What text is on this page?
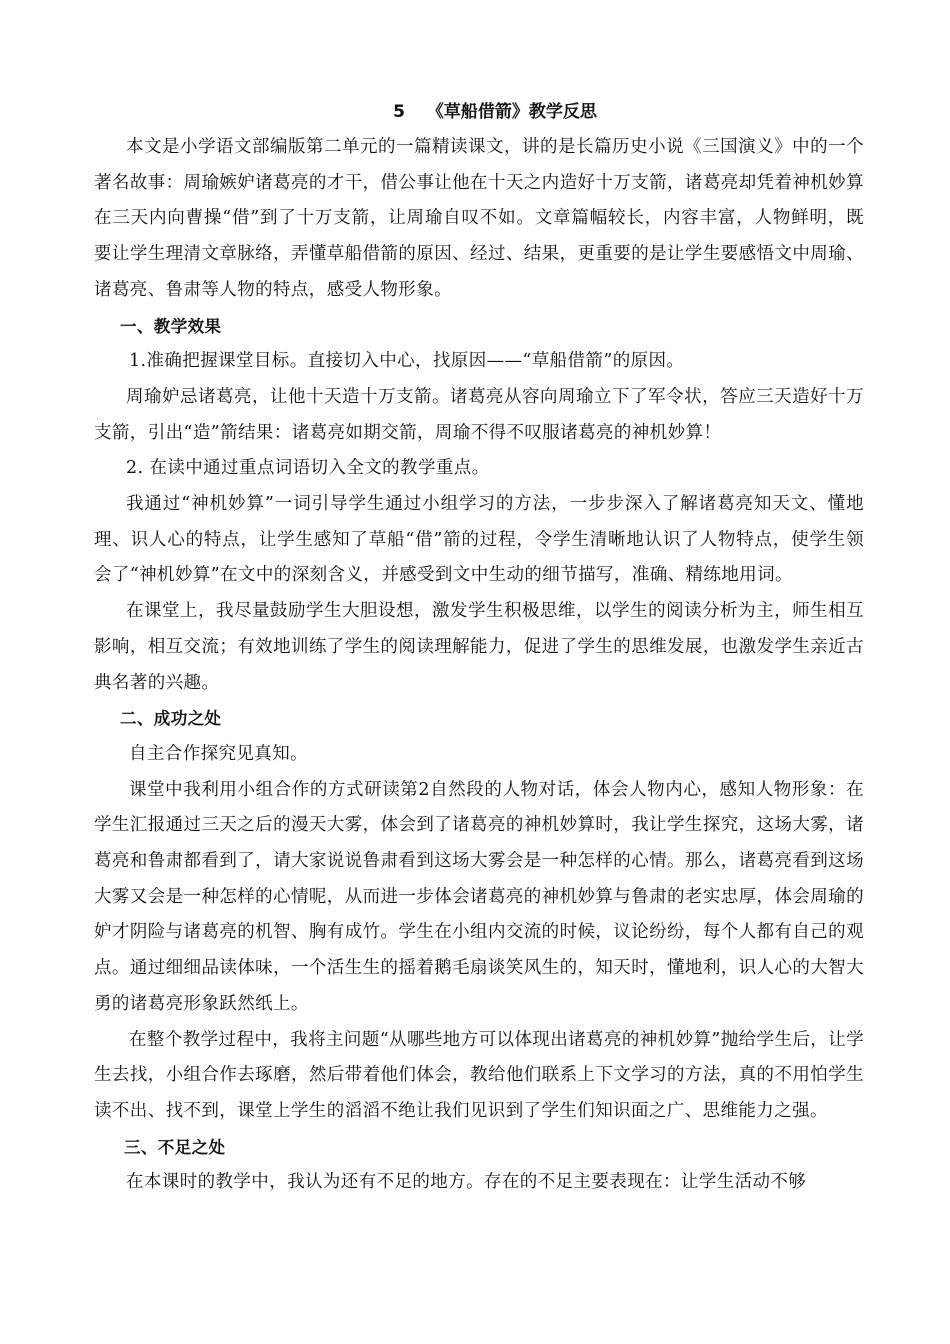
5 《草船借箭》教学反思

本文是小学语文部编版第二单元的一篇精读课文，讲的是长篇历史小说《三国演义》中的一个著名故事：周瑜嫉妒诸葛亮的才干，借公事让他在十天之内造好十万支箭，诸葛亮却凭着神机妙算在三天内向曹操“借”到了十万支箭，让周瑜自叹不如。文章篇幅较长，内容丰富，人物鲜明，既要让学生理清文章脉络，弄懂草船借箭的原因、经过、结果，更重要的是让学生要感悟文中周瑜、诸葛亮、鲁肃等人物的特点，感受人物形象。

一、教学效果

1.准确把握课堂目标。直接切入中心，找原因——“草船借箭”的原因。

周瑜妒忌诸葛亮，让他十天造十万支箭。诸葛亮从容向周瑜立下了军令状，答应三天造好十万支箭，引出“造”箭结果：诸葛亮如期交箭，周瑜不得不叹服诸葛亮的神机妙算！

2. 在读中通过重点词语切入全文的教学重点。

我通过“神机妙算”一词引导学生通过小组学习的方法，一步步深入了解诸葛亮知天文、懂地理、识人心的特点，让学生感知了草船“借”箭的过程，令学生清晰地认识了人物特点，使学生领会了“神机妙算”在文中的深刻含义，并感受到文中生动的细节描写，准确、精练地用词。

在课堂上，我尽量鼓励学生大胆设想，激发学生积极思维，以学生的阅读分析为主，师生相互影响，相互交流；有效地训练了学生的阅读理解能力，促进了学生的思维发展，也激发学生亲近古典名著的兴趣。

二、成功之处

自主合作探究见真知。

课堂中我利用小组合作的方式研读第2自然段的人物对话，体会人物内心，感知人物形象：在学生汇报通过三天之后的漫天大雾，体会到了诸葛亮的神机妙算时，我让学生探究，这场大雾，诸葛亮和鲁肃都看到了，请大家说说鲁肃看到这场大雾会是一种怎样的心情。那么，诸葛亮看到这场大雾又会是一种怎样的心情呢，从而进一步体会诸葛亮的神机妙算与鲁肃的老实忠厚，体会周瑜的妒才阴险与诸葛亮的机智、胸有成竹。学生在小组内交流的时候，议论纷纷，每个人都有自己的观点。通过细细品读体味，一个活生生的摇着鹅毛扇谈笑风生的，知天时，懂地利，识人心的大智大勇的诸葛亮形象跃然纸上。

在整个教学过程中，我将主问题“从哪些地方可以体现出诸葛亮的神机妙算”抛给学生后，让学生去找，小组合作去琢磨，然后带着他们体会，教给他们联系上下文学习的方法，真的不用怕学生读不出、找不到，课堂上学生的滔滔不绝让我们见识到了学生们知识面之广、思维能力之强。

三、不足之处

在本课时的教学中，我认为还有不足的地方。存在的不足主要表现在：让学生活动不够
